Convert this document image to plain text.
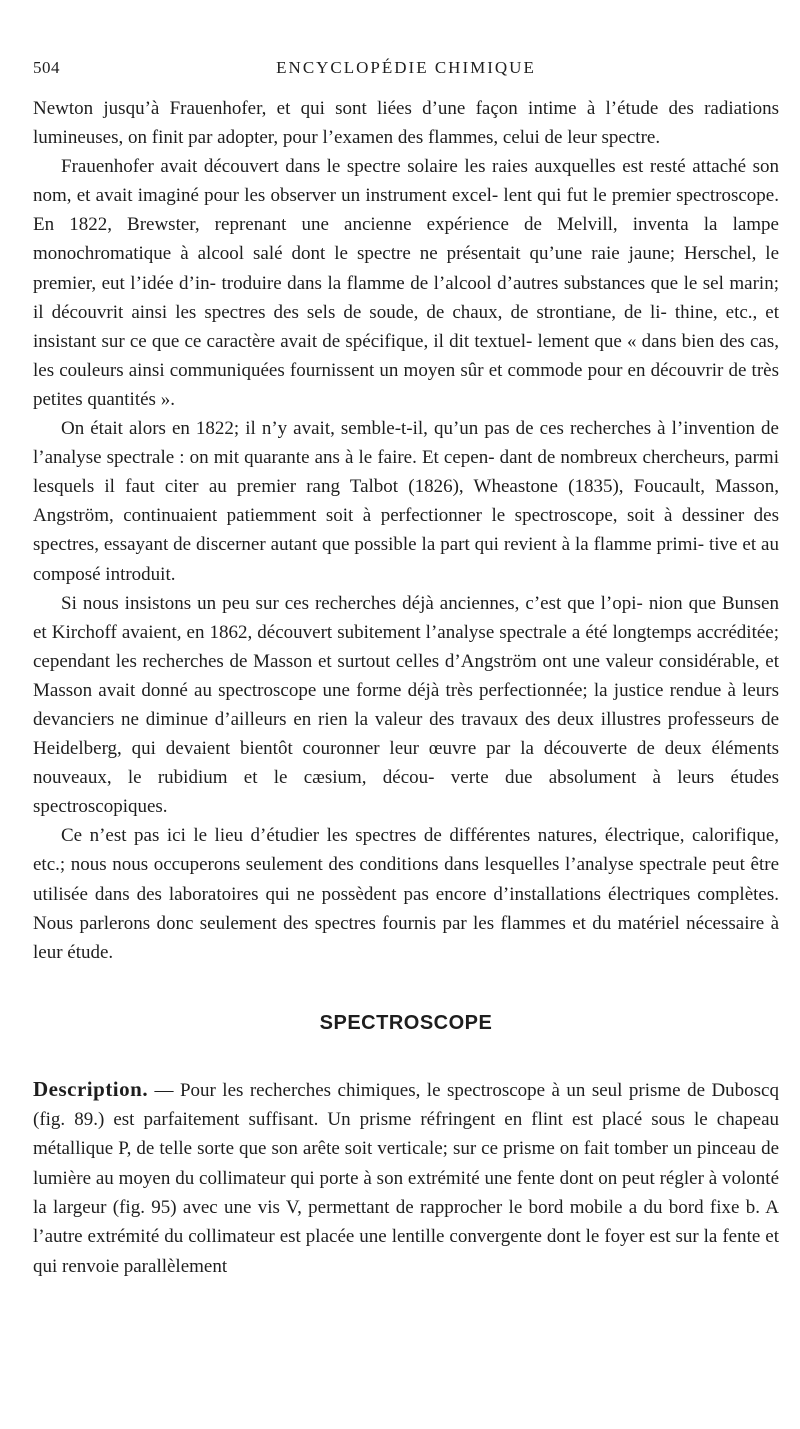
504	ENCYCLOPÉDIE CHIMIQUE

Newton jusqu’à Frauenhofer, et qui sont liées d’une façon intime à l’étude des radiations lumineuses, on finit par adopter, pour l’examen des flammes, celui de leur spectre.

Frauenhofer avait découvert dans le spectre solaire les raies auxquelles est resté attaché son nom, et avait imaginé pour les observer un instrument excel- lent qui fut le premier spectroscope. En 1822, Brewster, reprenant une ancienne expérience de Melvill, inventa la lampe monochromatique à alcool salé dont le spectre ne présentait qu’une raie jaune; Herschel, le premier, eut l’idée d’in- troduire dans la flamme de l’alcool d’autres substances que le sel marin; il découvrit ainsi les spectres des sels de soude, de chaux, de strontiane, de li- thine, etc., et insistant sur ce que ce caractère avait de spécifique, il dit textuel- lement que « dans bien des cas, les couleurs ainsi communiquées fournissent un moyen sûr et commode pour en découvrir de très petites quantités ».

On était alors en 1822; il n’y avait, semble-t-il, qu’un pas de ces recherches à l’invention de l’analyse spectrale : on mit quarante ans à le faire. Et cepen- dant de nombreux chercheurs, parmi lesquels il faut citer au premier rang Talbot (1826), Wheastone (1835), Foucault, Masson, Angström, continuaient patiemment soit à perfectionner le spectroscope, soit à dessiner des spectres, essayant de discerner autant que possible la part qui revient à la flamme primi- tive et au composé introduit.

Si nous insistons un peu sur ces recherches déjà anciennes, c’est que l’opi- nion que Bunsen et Kirchoff avaient, en 1862, découvert subitement l’analyse spectrale a été longtemps accréditée; cependant les recherches de Masson et surtout celles d’Angström ont une valeur considérable, et Masson avait donné au spectroscope une forme déjà très perfectionnée; la justice rendue à leurs devanciers ne diminue d’ailleurs en rien la valeur des travaux des deux illustres professeurs de Heidelberg, qui devaient bientôt couronner leur œuvre par la découverte de deux éléments nouveaux, le rubidium et le cæsium, décou- verte due absolument à leurs études spectroscopiques.

Ce n’est pas ici le lieu d’étudier les spectres de différentes natures, électrique, calorifique, etc.; nous nous occuperons seulement des conditions dans lesquelles l’analyse spectrale peut être utilisée dans des laboratoires qui ne possèdent pas encore d’installations électriques complètes. Nous parlerons donc seulement des spectres fournis par les flammes et du matériel nécessaire à leur étude.

SPECTROSCOPE

Description. — Pour les recherches chimiques, le spectroscope à un seul prisme de Duboscq (fig. 89.) est parfaitement suffisant. Un prisme réfringent en flint est placé sous le chapeau métallique P, de telle sorte que son arête soit verticale; sur ce prisme on fait tomber un pinceau de lumière au moyen du collimateur qui porte à son extrémité une fente dont on peut régler à volonté la largeur (fig. 95) avec une vis V, permettant de rapprocher le bord mobile a du bord fixe b. A l’autre extrémité du collimateur est placée une lentille convergente dont le foyer est sur la fente et qui renvoie parallèlement
